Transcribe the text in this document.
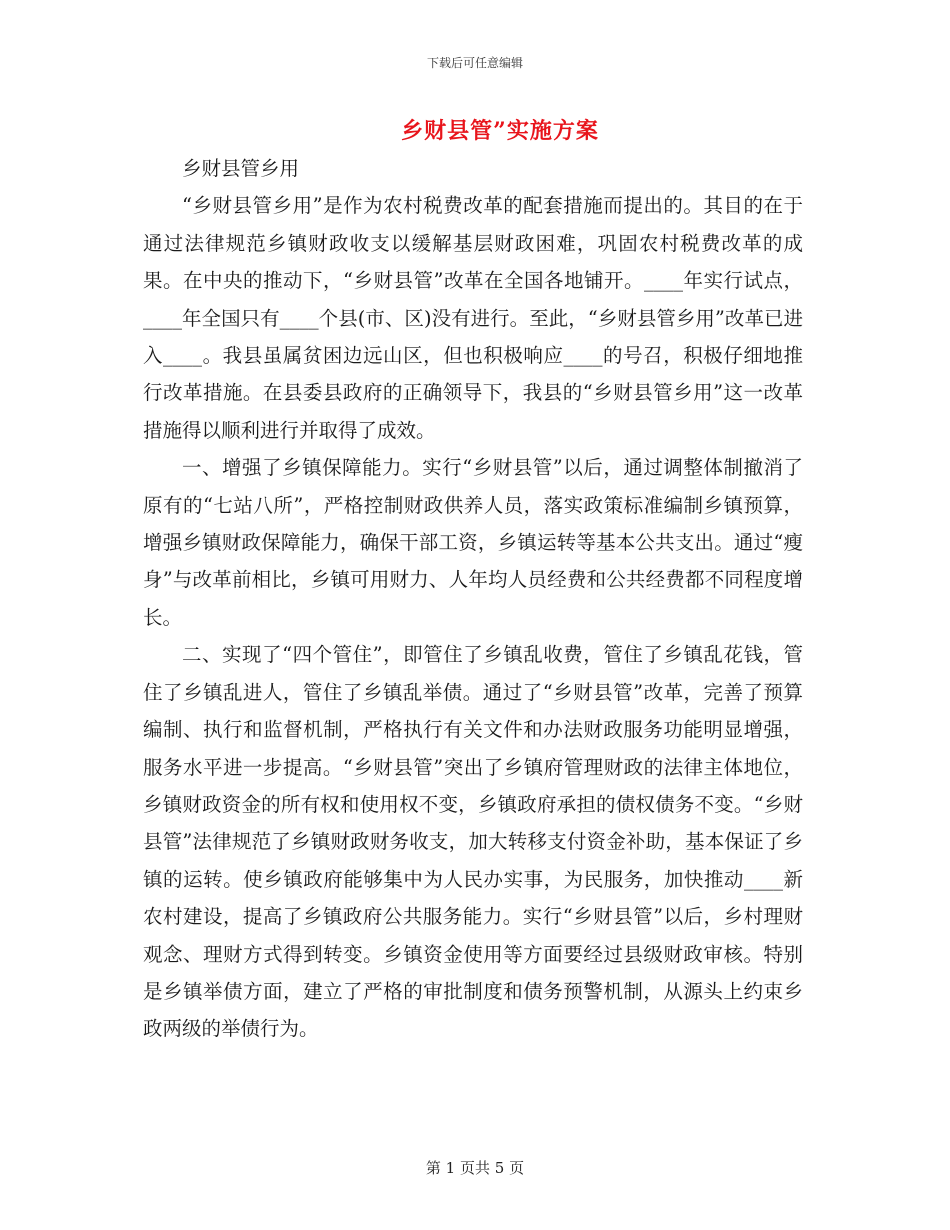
下载后可任意编辑
乡财县管”实施方案

乡财县管乡用

“乡财县管乡用”是作为农村税费改革的配套措施而提出的。其目的在于通过法律规范乡镇财政收支以缓解基层财政困难，巩固农村税费改革的成果。在中央的推动下，“乡财县管”改革在全国各地铺开。____年实行试点，____年全国只有____个县(市、区)没有进行。至此，“乡财县管乡用”改革已进入____。我县虽属贫困边远山区，但也积极响应____的号召，积极仔细地推行改革措施。在县委县政府的正确领导下，我县的“乡财县管乡用”这一改革措施得以顺利进行并取得了成效。

一、增强了乡镇保障能力。实行“乡财县管”以后，通过调整体制撤消了原有的“七站八所”，严格控制财政供养人员，落实政策标准编制乡镇预算，增强乡镇财政保障能力，确保干部工资，乡镇运转等基本公共支出。通过“瘦身”与改革前相比，乡镇可用财力、人年均人员经费和公共经费都不同程度增长。

二、实现了“四个管住”，即管住了乡镇乱收费，管住了乡镇乱花钱，管住了乡镇乱进人，管住了乡镇乱举债。通过了“乡财县管”改革，完善了预算编制、执行和监督机制，严格执行有关文件和办法财政服务功能明显增强，服务水平进一步提高。“乡财县管”突出了乡镇府管理财政的法律主体地位，乡镇财政资金的所有权和使用权不变，乡镇政府承担的债权债务不变。“乡财县管”法律规范了乡镇财政财务收支，加大转移支付资金补助，基本保证了乡镇的运转。使乡镇政府能够集中为人民办实事，为民服务，加快推动____新农村建设，提高了乡镇政府公共服务能力。实行“乡财县管”以后，乡村理财观念、理财方式得到转变。乡镇资金使用等方面要经过县级财政审核。特别是乡镇举债方面，建立了严格的审批制度和债务预警机制，从源头上约束乡政两级的举债行为。

第 1 页共 5 页
